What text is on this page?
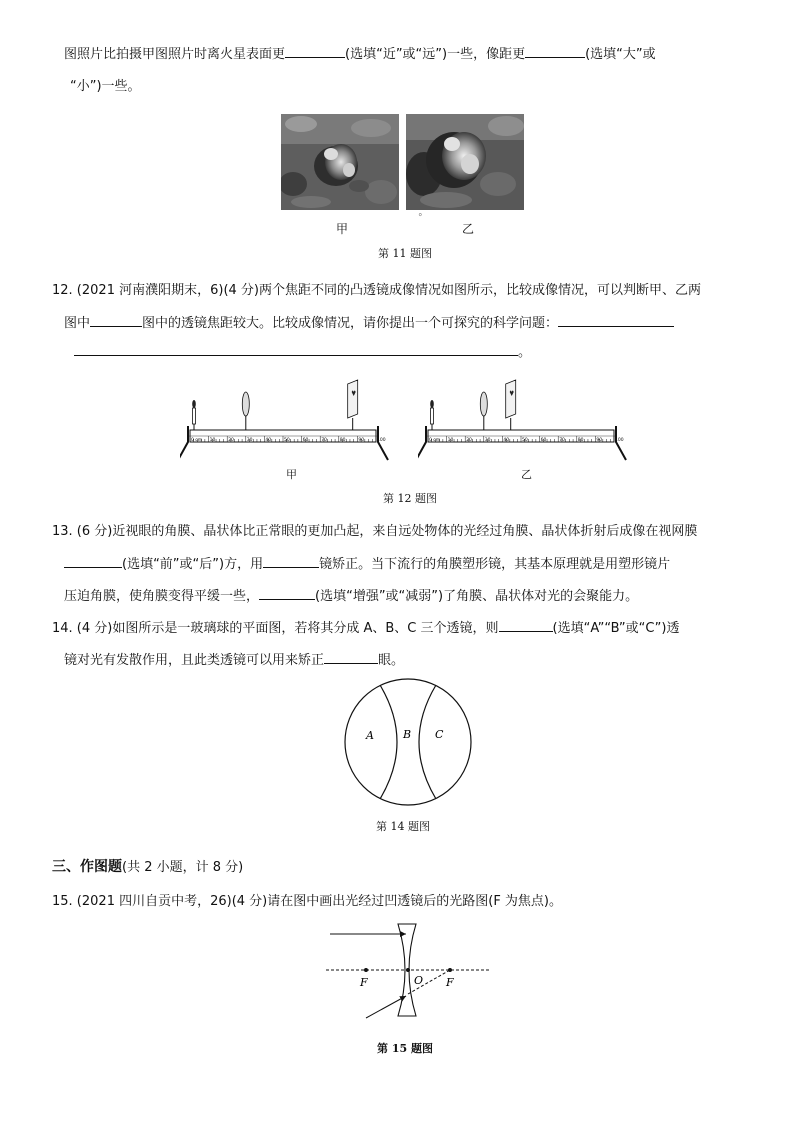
图照片比拍摄甲图照片时离火星表面更	(选填“近”或“远”)一些，像距更	(选填“大”或
“小”)一些。
甲
°
乙
第 11 题图
12. (2021 河南濮阳期末，6)(4 分)两个焦距不同的凸透镜成像情况如图所示，比较成像情况，可以判断甲、乙两
图中	图中的透镜焦距较大。比较成像情况，请你提出一个可探究的科学问题：
。
0 cm 10	20	30	40	50	60	70	80	90	100	0 cm 10	20	30	40	50	60	70	80	90	100
甲	乙
第 12 题图
13. (6 分)近视眼的角膜、晶状体比正常眼的更加凸起，来自远处物体的光经过角膜、晶状体折射后成像在视网膜
(选填“前”或“后”)方，用	镜矫正。当下流行的角膜塑形镜，其基本原理就是用塑形镜片
压迫角膜，使角膜变得平缓一些，	(选填“增强”或“减弱”)了角膜、晶状体对光的会聚能力。
14. (4 分)如图所示是一玻璃球的平面图，若将其分成 A、B、C 三个透镜，则	(选填“A”“B”或“C”)透
镜对光有发散作用，且此类透镜可以用来矫正	眼。
A	B C
第 14 题图
三、作图题(共 2 小题，计 8 分)
15. (2021 四川自贡中考，26)(4 分)请在图中画出光经过凹透镜后的光路图(F 为焦点)。
F	O F
第 15 题图
